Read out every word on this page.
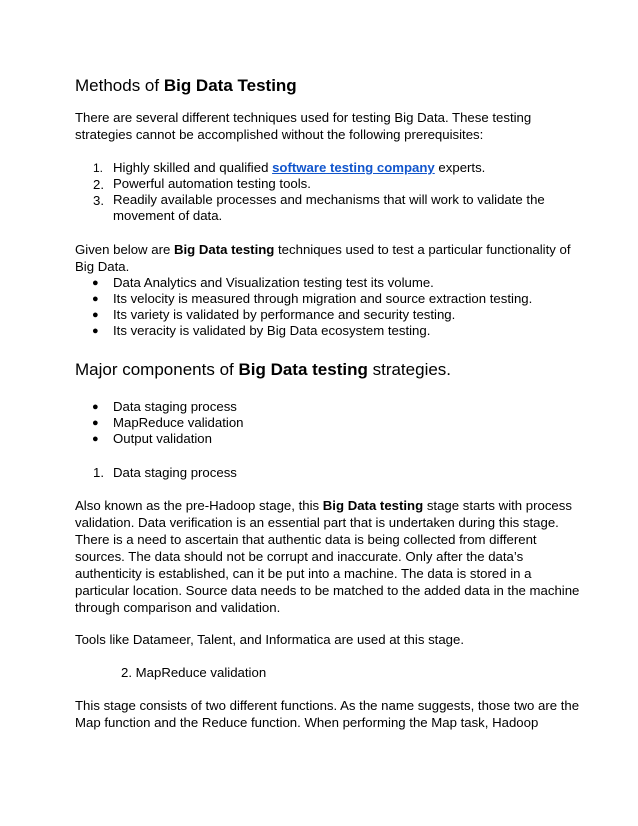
Methods of Big Data Testing
There are several different techniques used for testing Big Data. These testing
strategies cannot be accomplished without the following prerequisites:
1. Highly skilled and qualified software testing company experts.
2. Powerful automation testing tools.
3. Readily available processes and mechanisms that will work to validate the
movement of data.
Given below are Big Data testing techniques used to test a particular functionality of
Big Data.
● Data Analytics and Visualization testing test its volume.
● Its velocity is measured through migration and source extraction testing.
● Its variety is validated by performance and security testing.
● Its veracity is validated by Big Data ecosystem testing.
Major components of Big Data testing strategies.
● Data staging process
● MapReduce validation
● Output validation
1. Data staging process
Also known as the pre-Hadoop stage, this Big Data testing stage starts with process
validation. Data verification is an essential part that is undertaken during this stage.
There is a need to ascertain that authentic data is being collected from different
sources. The data should not be corrupt and inaccurate. Only after the data’s
authenticity is established, can it be put into a machine. The data is stored in a
particular location. Source data needs to be matched to the added data in the machine
through comparison and validation.
Tools like Datameer, Talent, and Informatica are used at this stage.
2. MapReduce validation
This stage consists of two different functions. As the name suggests, those two are the
Map function and the Reduce function. When performing the Map task, Hadoop
